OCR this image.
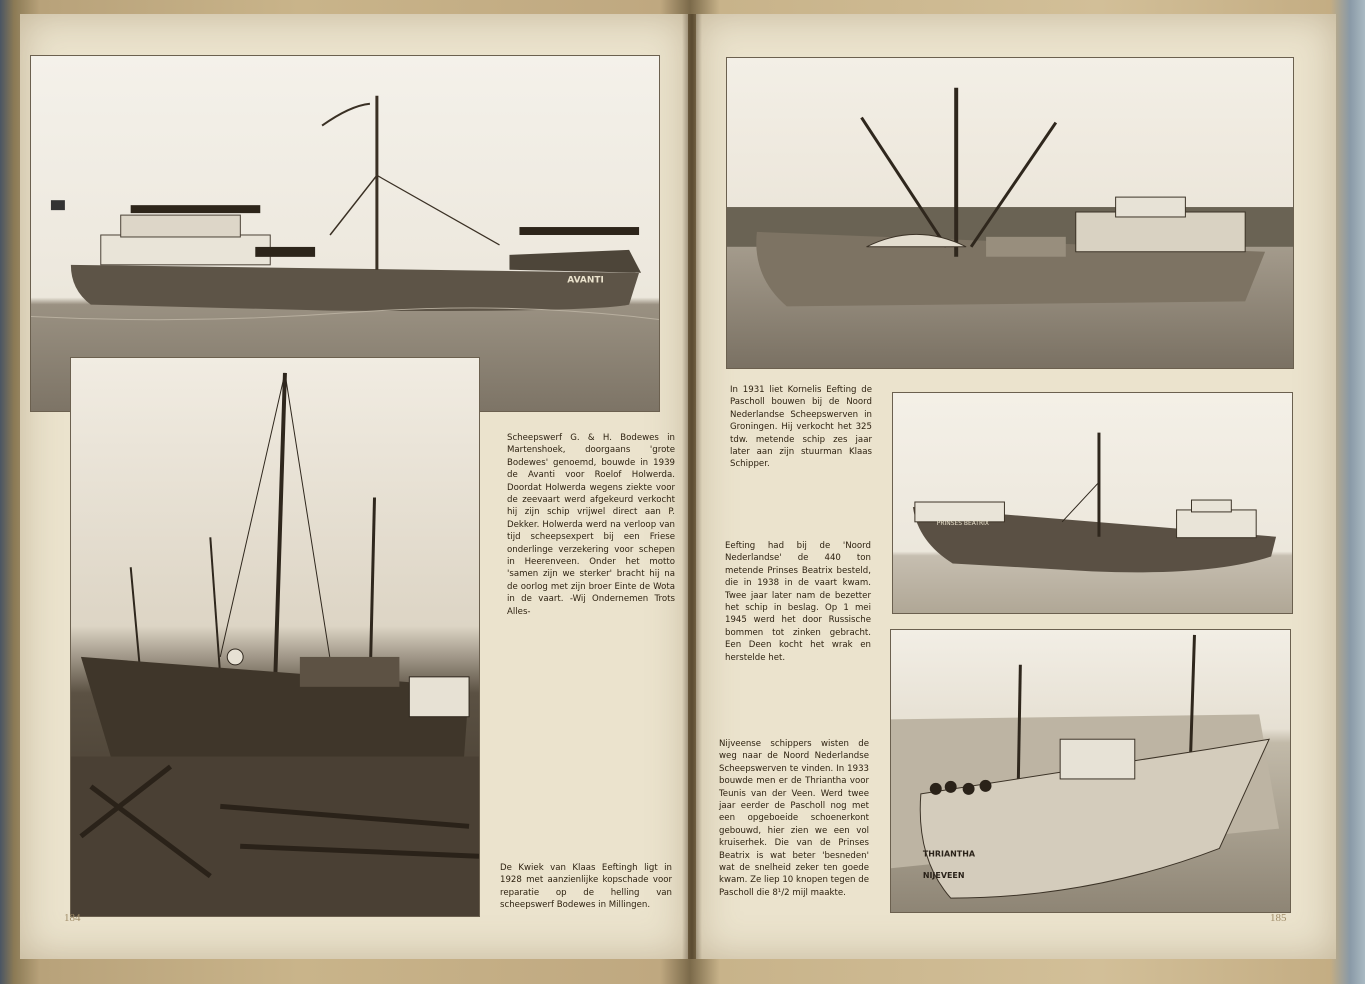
AVANTI
Scheepswerf G. & H. Bodewes in Martenshoek, doorgaans 'grote Bodewes' genoemd, bouwde in 1939 de Avanti voor Roelof Holwerda. Doordat Holwerda wegens ziekte voor de zeevaart werd afgekeurd verkocht hij zijn schip vrijwel direct aan P. Dekker. Holwerda werd na verloop van tijd scheepsexpert bij een Friese onderlinge verzekering voor schepen in Heerenveen. Onder het motto 'samen zijn we sterker' bracht hij na de oorlog met zijn broer Einte de Wota in de vaart. -Wij Ondernemen Trots Alles-
De Kwiek van Klaas Eeftingh ligt in 1928 met aanzienlijke kopschade voor reparatie op de helling van scheepswerf Bodewes in Millingen.
184
In 1931 liet Kornelis Eefting de Pascholl bouwen bij de Noord Nederlandse Scheepswerven in Groningen. Hij verkocht het 325 tdw. metende schip zes jaar later aan zijn stuurman Klaas Schipper.
PRINSES BEATRIX
Eefting had bij de 'Noord Nederlandse' de 440 ton metende Prinses Beatrix besteld, die in 1938 in de vaart kwam. Twee jaar later nam de bezetter het schip in beslag. Op 1 mei 1945 werd het door Russische bommen tot zinken gebracht. Een Deen kocht het wrak en herstelde het.
THRIANTHA
NIJEVEEN
Nijveense schippers wisten de weg naar de Noord Nederlandse Scheepswerven te vinden. In 1933 bouwde men er de Thriantha voor Teunis van der Veen. Werd twee jaar eerder de Pascholl nog met een opgeboeide schoenerkont gebouwd, hier zien we een vol kruiserhek. Die van de Prinses Beatrix is wat beter 'besneden' wat de snelheid zeker ten goede kwam. Ze liep 10 knopen tegen de Pascholl die 8¹/2 mijl maakte.
185
